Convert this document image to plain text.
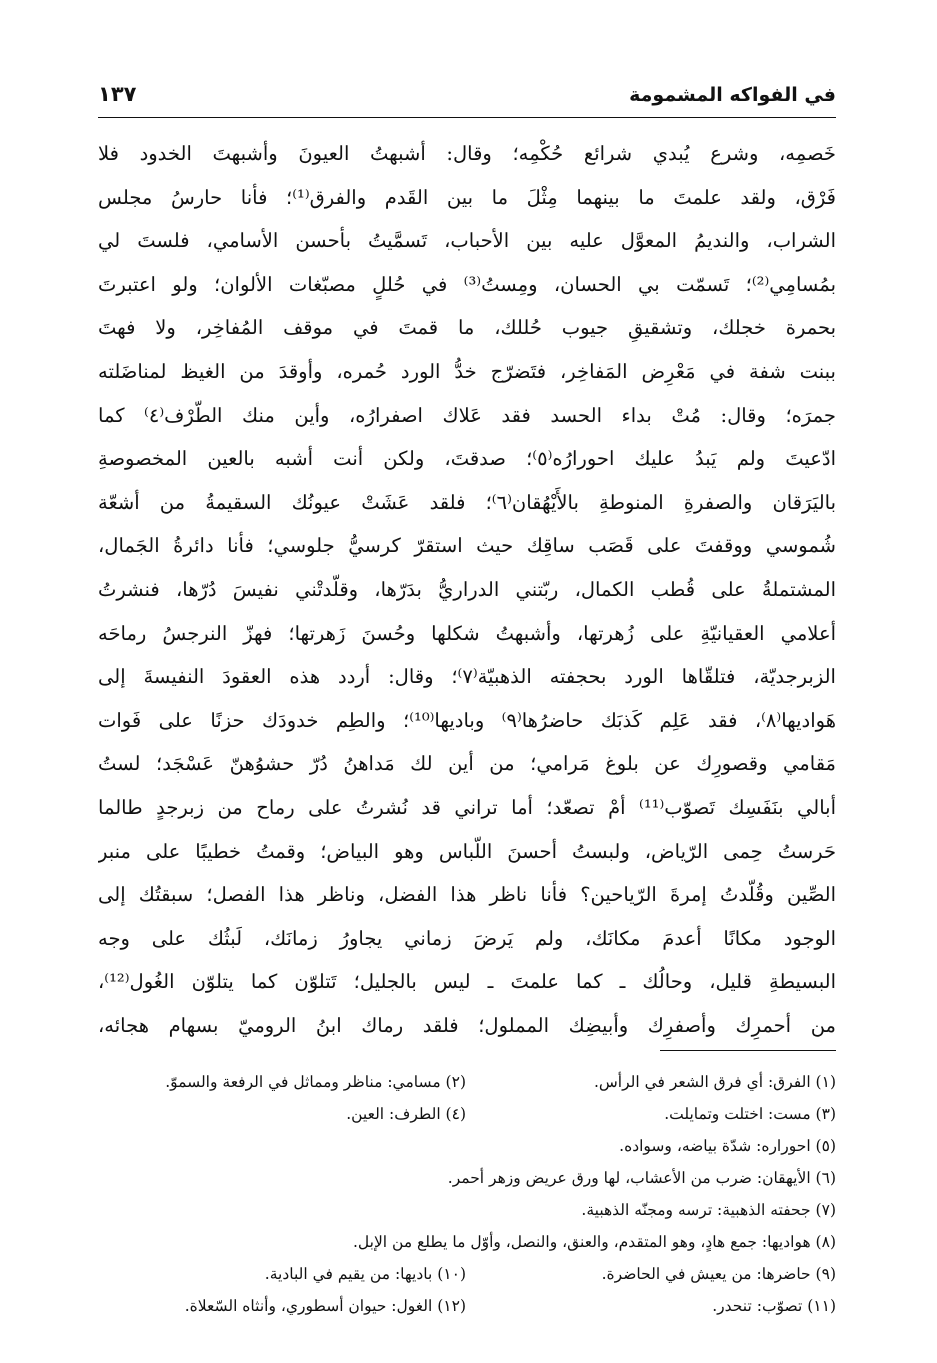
في الفواكه المشمومة
١٣٧
خَصمِه، وشرع يُبدي شرائع حُكْمِه؛ وقال: أشبهتُ العيونَ وأشبهتَ الخدود فلا
فَرْق، ولقد علمتَ ما بينهما مِثْلَ ما بين القَدم والفرق⁽¹⁾؛ فأنا حارسُ مجلس
الشراب، والنديمُ المعوَّل عليه بين الأحباب، تَسمَّيتُ بأحسن الأسامي، فلستَ لي
بمُسامِي⁽²⁾؛ تَسمّت بي الحسان، ومِستُ⁽³⁾ في حُللٍ مصبّغات الألوان؛ ولو اعتبرتَ
بحمرة خجلك، وتشقيقِ جيوب حُللك، ما قمتَ في موقف المُفاخِر، ولا فهتَ
ببنت شفة في مَعْرِض المَفاخِر، فتَضرّج خدُّ الورد حُمره، وأوقدَ من الغيظ لمناضَلته
جمرَه؛ وقال: مُتْ بداء الحسد فقد عَلاك اصفرارُه، وأين منك الطّرْف⁽٤⁾ كما
ادّعيتَ ولم يَبدُ عليك احورارُه⁽٥⁾؛ صدقتَ، ولكن أنت أشبه بالعين المخصوصةِ
باليَرَقان والصفرةِ المنوطةِ بالأَيْهُقان⁽٦⁾؛ فلقد عَشَتْ عيونُك السقيمةُ من أشعّة
شُموسي ووقفتَ على قَصَب ساقِك حيث استقرّ كرسيُّ جلوسي؛ فأنا دائرةُ الجَمال،
المشتملةُ على قُطب الكمال، ربّتني الدراريُّ بدَرّها، وقلّدتْني نفيسَ دُرّها، فنشرتُ
أعلامي العقيانيّةِ على زُهرتها، وأشبهتُ شكلها وحُسنَ زَهرتها؛ فهزّ النرجسُ رماحَه
الزبرجديّة، فتلقّاها الورد بحجفته الذهبيّة⁽٧⁾؛ وقال: أردد هذه العقودَ النفيسةَ إلى
هَواديها⁽٨⁾، فقد عَلِم كَذبَك حاضرُها⁽٩⁾ وباديها⁽¹⁰⁾؛ والطِم خدودَك حزنًا على فَوات
مَقامي وقصورِك عن بلوغ مَرامي؛ من أين لك مَداهنُ دُرّ حشوُهنّ عَسْجَد؛ لستُ
أبالي بنَفَسِك تَصوّب⁽¹¹⁾ أمْ تصعّد؛ أما تراني قد نُشرتُ على رماح من زبرجدٍ طالما
حَرستُ حِمى الرّياض، ولبستُ أحسنَ اللّباس وهو البياض؛ وقمتُ خطيبًا على منبر
الصِّين وقُلّدتُ إمرةَ الرّياحين؟ فأنا ناظر هذا الفضل، وناظر هذا الفصل؛ سبقتُك إلى
الوجود مكانًا أعدمَ مكانَك، ولم يَرضَ زماني يجاورُ زمانَك، لَبثُك على وجه
البسيطةِ قليل، وحالُك ـ كما علمتَ ـ ليس بالجليل؛ تَتلوّن كما يتلوّن الغُول⁽¹²⁾،
من أحمرِك وأصفرِك وأبيضِك المملول؛ فلقد رماك ابنُ الروميّ بسهام هجائه،
(١) الفرق: أي فرق الشعر في الرأس.
(٢) مسامي: مناظر ومماثل في الرفعة والسموّ.
(٣) مست: اختلت وتمايلت.
(٤) الطرف: العين.
(٥) احوراره: شدّة بياضه، وسواده.
(٦) الأيهقان: ضرب من الأعشاب، لها ورق عريض وزهر أحمر.
(٧) جحفته الذهبية: ترسه ومجنّه الذهبية.
(٨) هواديها: جمع هادٍ، وهو المتقدم، والعنق، والنصل، وأوّل ما يطلع من الإبل.
(٩) حاضرها: من يعيش في الحاضرة.
(١٠) باديها: من يقيم في البادية.
(١١) تصوّب: تنحدر.
(١٢) الغول: حيوان أسطوري، وأنثاه السّعلاة.
